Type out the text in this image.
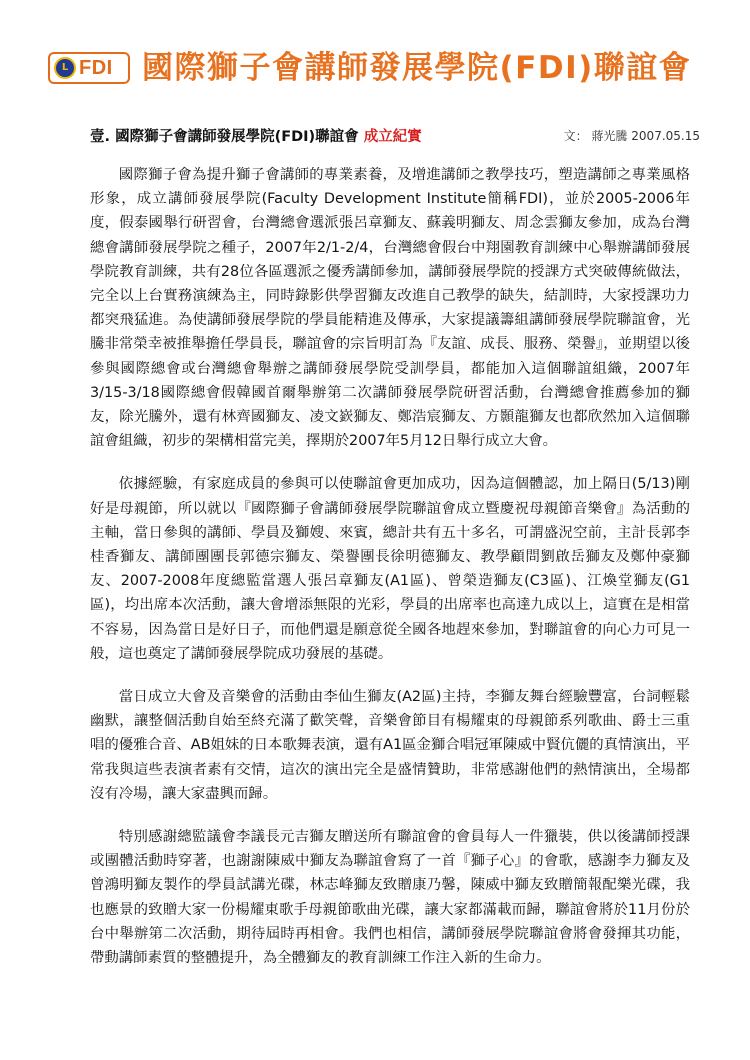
L FDI 國際獅子會講師發展學院(FDI)聯誼會
壹. 國際獅子會講師發展學院(FDI)聯誼會 成立紀實	文： 蔣光騰 2007.05.15

國際獅子會為提升獅子會講師的專業素養，及增進講師之教學技巧，塑造講師之專業風格形象，成立講師發展學院(Faculty Development Institute簡稱FDI)，並於2005-2006年度，假泰國舉行研習會，台灣總會選派張呂章獅友、蘇義明獅友、周念雲獅友參加，成為台灣總會講師發展學院之種子，2007年2/1-2/4，台灣總會假台中翔園教育訓練中心舉辦講師發展學院教育訓練，共有28位各區選派之優秀講師參加，講師發展學院的授課方式突破傳統做法，完全以上台實務演練為主，同時錄影供學習獅友改進自己教學的缺失，結訓時，大家授課功力都突飛猛進。為使講師發展學院的學員能精進及傳承，大家提議籌組講師發展學院聯誼會，光騰非常榮幸被推舉擔任學員長，聯誼會的宗旨明訂為『友誼、成長、服務、榮譽』，並期望以後參與國際總會或台灣總會舉辦之講師發展學院受訓學員，都能加入這個聯誼組織，2007年3/15-3/18國際總會假韓國首爾舉辦第二次講師發展學院研習活動，台灣總會推薦參加的獅友，除光騰外，還有林齊國獅友、凌文嶔獅友、鄭浩宸獅友、方顥龍獅友也都欣然加入這個聯誼會組織，初步的架構相當完美，擇期於2007年5月12日舉行成立大會。

依據經驗，有家庭成員的參與可以使聯誼會更加成功，因為這個體認，加上隔日(5/13)剛好是母親節，所以就以『國際獅子會講師發展學院聯誼會成立暨慶祝母親節音樂會』為活動的主軸，當日參與的講師、學員及獅嫂、來賓，總計共有五十多名，可謂盛況空前，主計長郭李桂香獅友、講師團團長郭德宗獅友、榮譽團長徐明德獅友、教學顧問劉啟岳獅友及鄭仲豪獅友、2007-2008年度總監當選人張呂章獅友(A1區)、曾榮造獅友(C3區)、江煥堂獅友(G1區)，均出席本次活動，讓大會增添無限的光彩，學員的出席率也高達九成以上，這實在是相當不容易，因為當日是好日子，而他們還是願意從全國各地趕來參加，對聯誼會的向心力可見一般，這也奠定了講師發展學院成功發展的基礎。

當日成立大會及音樂會的活動由李仙生獅友(A2區)主持，李獅友舞台經驗豐富，台詞輕鬆幽默，讓整個活動自始至終充滿了歡笑聲，音樂會節目有楊耀東的母親節系列歌曲、爵士三重唱的優雅合音、AB姐妹的日本歌舞表演，還有A1區金獅合唱冠軍陳威中賢伉儷的真情演出，平常我與這些表演者素有交情，這次的演出完全是盛情贊助，非常感謝他們的熱情演出，全場都沒有冷場，讓大家盡興而歸。

特別感謝總監議會李議長元吉獅友贈送所有聯誼會的會員每人一件獵裝，供以後講師授課或團體活動時穿著，也謝謝陳威中獅友為聯誼會寫了一首『獅子心』的會歌，感謝李力獅友及曾鴻明獅友製作的學員試講光碟，林志峰獅友致贈康乃馨，陳威中獅友致贈簡報配樂光碟，我也應景的致贈大家一份楊耀東歌手母親節歌曲光碟，讓大家都滿載而歸，聯誼會將於11月份於台中舉辦第二次活動，期待屆時再相會。我們也相信，講師發展學院聯誼會將會發揮其功能，帶動講師素質的整體提升，為全體獅友的教育訓練工作注入新的生命力。
